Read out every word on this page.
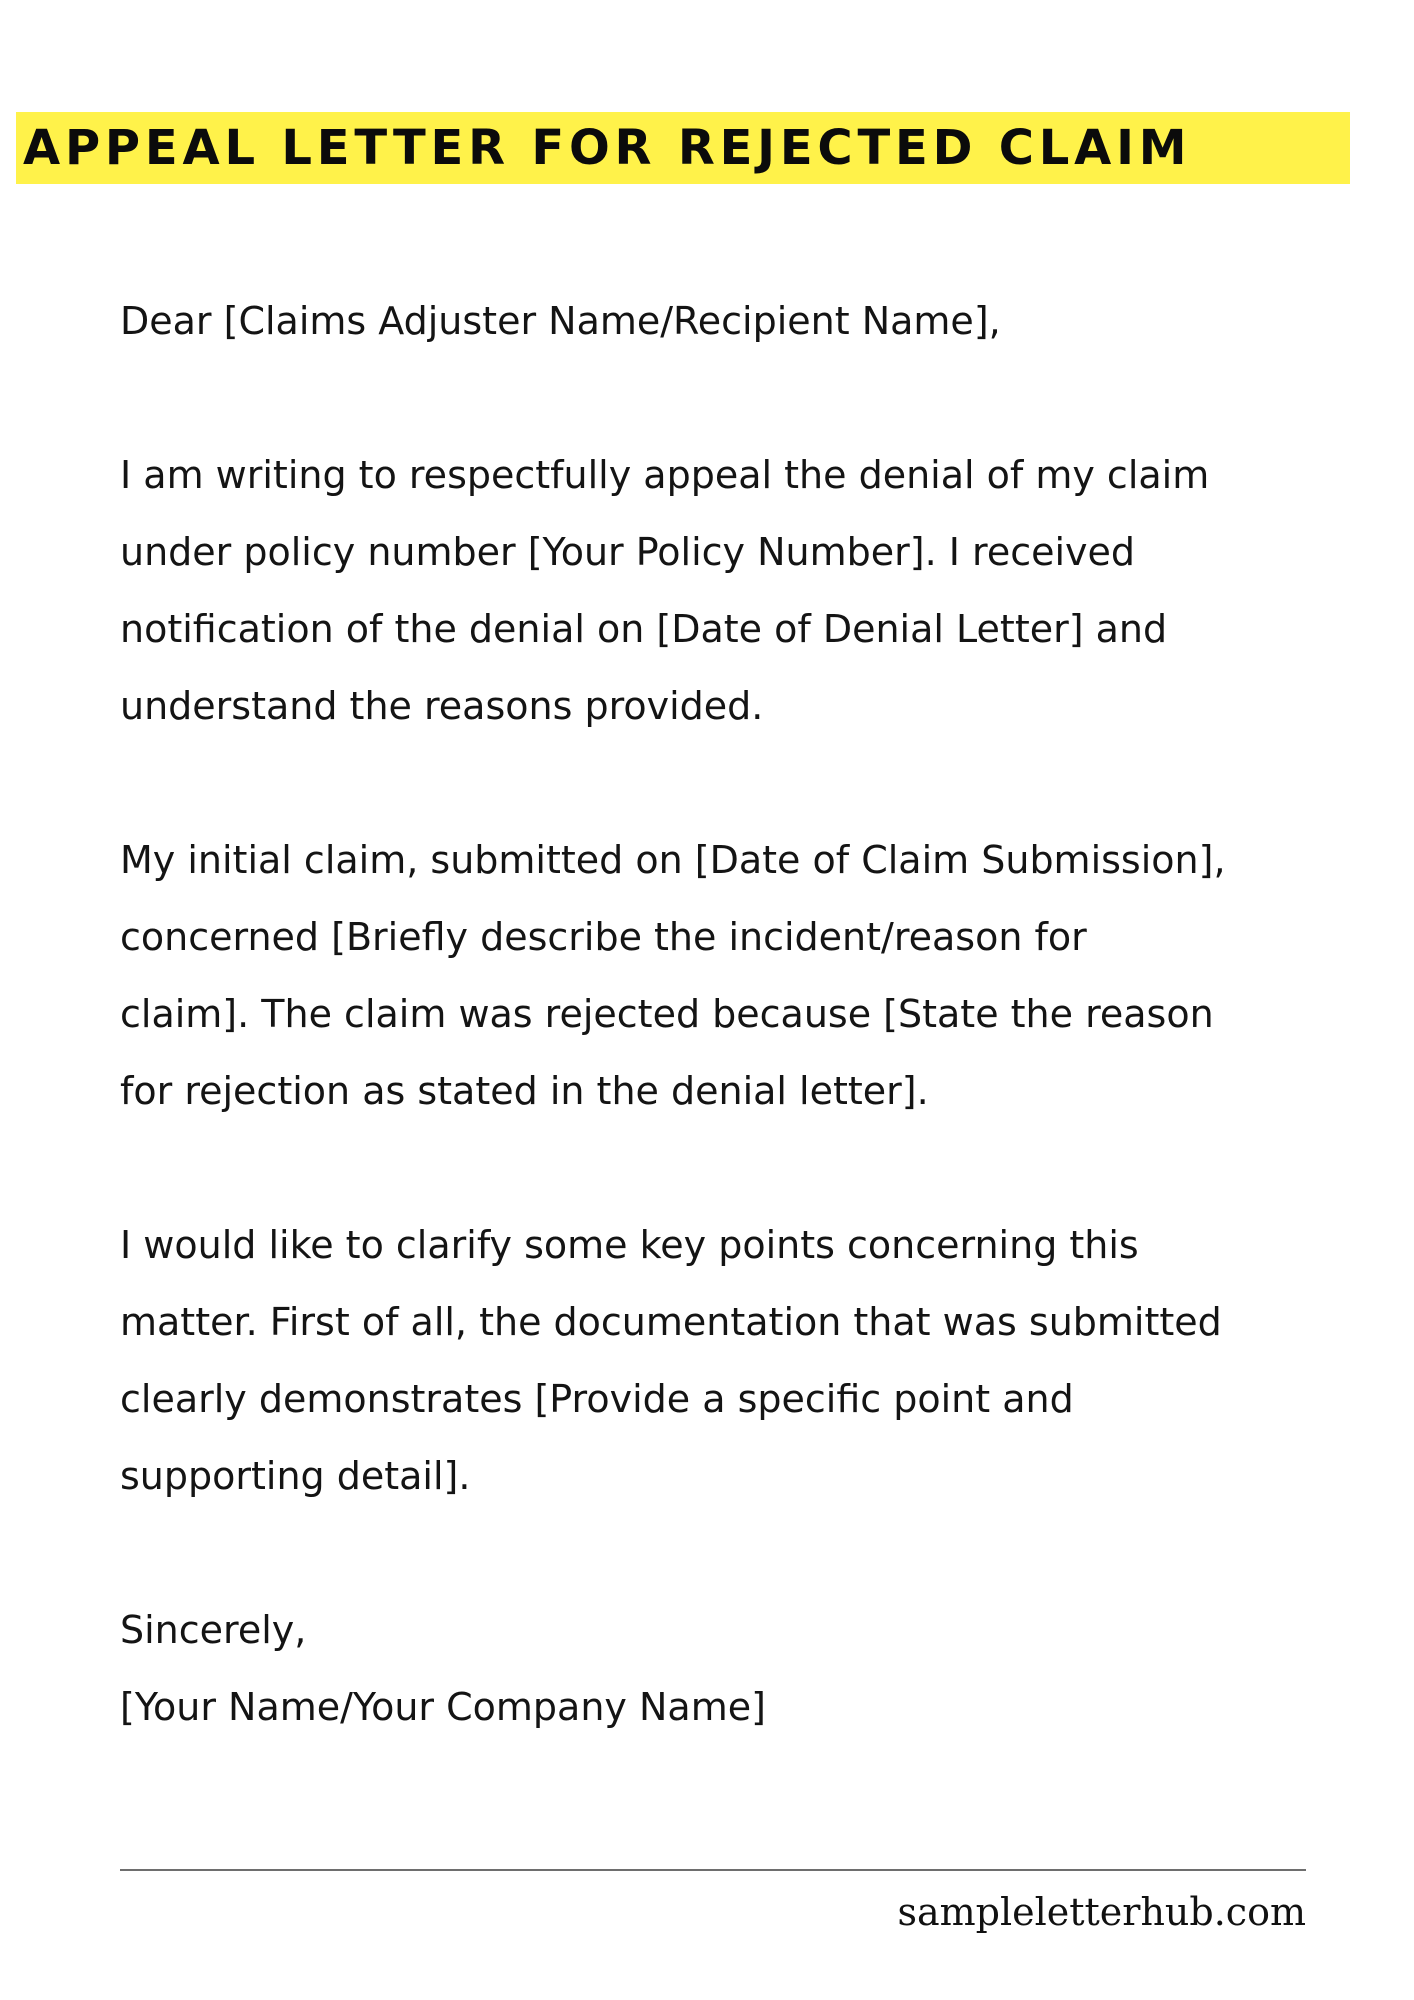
APPEAL LETTER FOR REJECTED CLAIM

Dear [Claims Adjuster Name/Recipient Name],

I am writing to respectfully appeal the denial of my claim

under policy number [Your Policy Number]. I received

notification of the denial on [Date of Denial Letter] and

understand the reasons provided.

My initial claim, submitted on [Date of Claim Submission],

concerned [Briefly describe the incident/reason for

claim]. The claim was rejected because [State the reason

for rejection as stated in the denial letter].

I would like to clarify some key points concerning this

matter. First of all, the documentation that was submitted

clearly demonstrates [Provide a specific point and

supporting detail].

Sincerely,

[Your Name/Your Company Name]

sampleletterhub.com
